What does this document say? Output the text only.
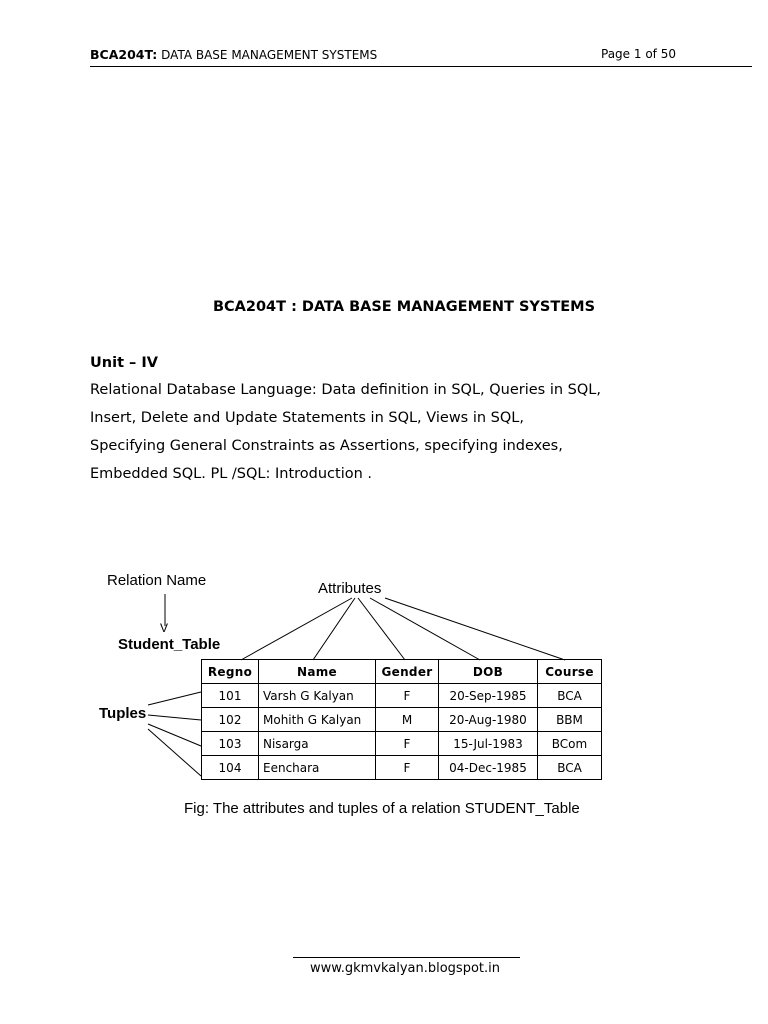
BCA204T: DATA BASE MANAGEMENT SYSTEMS	Page 1 of 50
BCA204T : DATA BASE MANAGEMENT SYSTEMS
Unit – IV
Relational Database Language: Data definition in SQL, Queries in SQL,
Insert, Delete and Update Statements in SQL, Views in SQL,
Specifying General Constraints as Assertions, specifying indexes,
Embedded SQL. PL /SQL: Introduction .
Relation Name
V
Student_Table
Attributes
Tuples
Regno	Name	Gender	DOB	Course
101	Varsh G Kalyan	F	20-Sep-1985	BCA
102	Mohith G Kalyan	M	20-Aug-1980	BBM
103	Nisarga	F	15-Jul-1983	BCom
104	Eenchara	F	04-Dec-1985	BCA
Fig: The attributes and tuples of a relation STUDENT_Table
www.gkmvkalyan.blogspot.in
